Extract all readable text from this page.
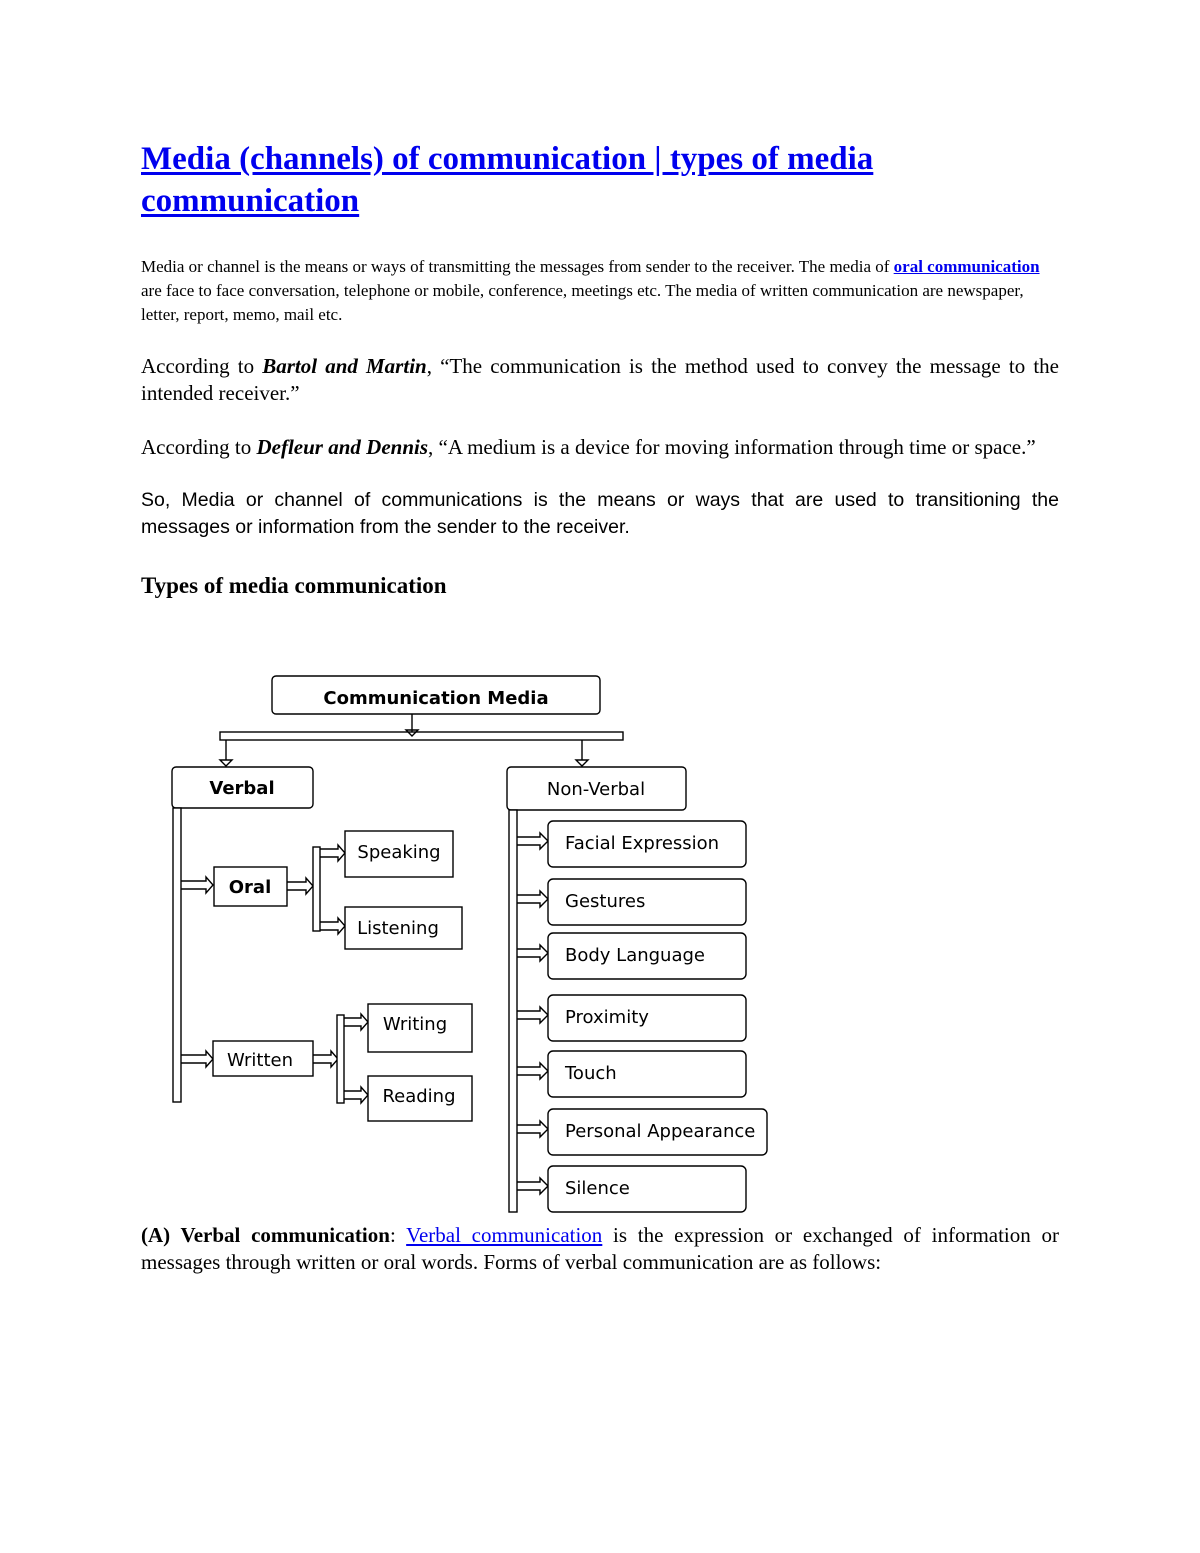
Media (channels) of communication | types of media communication

Media or channel is the means or ways of transmitting the messages from sender to the receiver. The media of oral communication are face to face conversation, telephone or mobile, conference, meetings etc. The media of written communication are newspaper, letter, report, memo, mail etc.

According to Bartol and Martin, “The communication is the method used to convey the message to the intended receiver.”

According to Defleur and Dennis, “A medium is a device for moving information through time or space.”

So, Media or channel of communications is the means or ways that are used to transitioning the messages or information from the sender to the receiver.

Types of media communication
Communication Media
Verbal
Oral
Speaking
Listening
Written
Writing
Reading
Non-Verbal
Facial Expression
Gestures
Body Language
Proximity
Touch
Personal Appearance
Silence

(A) Verbal communication: Verbal communication is the expression or exchanged of information or messages through written or oral words. Forms of verbal communication are as follows:
